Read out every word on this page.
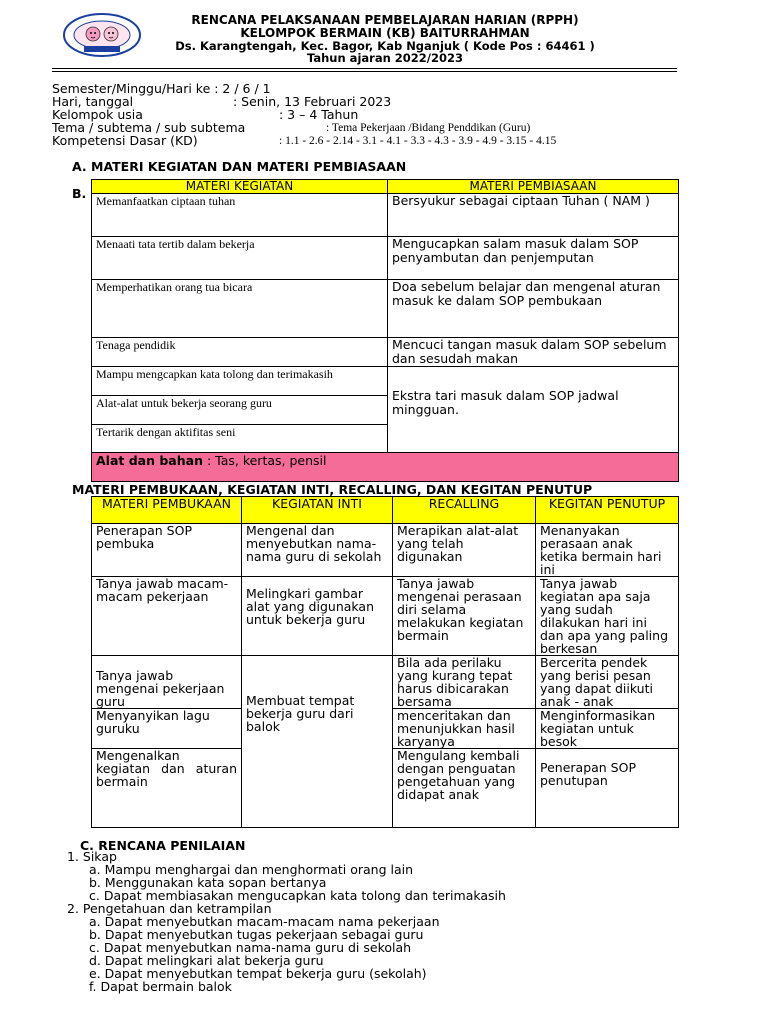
RENCANA PELAKSANAAN PEMBELAJARAN HARIAN (RPPH)
KELOMPOK BERMAIN (KB) BAITURRAHMAN
Ds. Karangtengah, Kec. Bagor, Kab Nganjuk ( Kode Pos : 64461 )
Tahun ajaran 2022/2023
Semester/Minggu/Hari ke : 2 / 6 / 1
Hari, tanggal	: Senin, 13 Februari 2023
Kelompok usia	: 3 – 4 Tahun
Tema / subtema / sub subtema	: Tema Pekerjaan /Bidang Penddikan (Guru)
Kompetensi Dasar (KD)	: 1.1 - 2.6 - 2.14 - 3.1 - 4.1 - 3.3 - 4.3 - 3.9 - 4.9 - 3.15 - 4.15
A. MATERI KEGIATAN DAN MATERI PEMBIASAAN
B.	MATERI KEGIATAN	MATERI PEMBIASAAN
Memanfaatkan ciptaan tuhan	Bersyukur sebagai ciptaan Tuhan ( NAM )
Menaati tata tertib dalam bekerja	Mengucapkan salam masuk dalam SOP penyambutan dan penjemputan
Memperhatikan orang tua bicara	Doa sebelum belajar dan mengenal aturan masuk ke dalam SOP pembukaan
Tenaga pendidik	Mencuci tangan masuk dalam SOP sebelum dan sesudah makan
Mampu mengcapkan kata tolong dan terimakasih	Ekstra tari masuk dalam SOP jadwal mingguan.
Alat-alat untuk bekerja seorang guru	
Tertarik dengan aktifitas seni	
Alat dan bahan : Tas, kertas, pensil	
MATERI PEMBUKAAN, KEGIATAN INTI, RECALLING, DAN KEGITAN PENUTUP
MATERI PEMBUKAAN	KEGIATAN INTI	RECALLING	KEGITAN PENUTUP
Penerapan SOP pembuka	Mengenal dan menyebutkan nama-nama guru di sekolah	Merapikan alat-alat yang telah digunakan	Menanyakan perasaan anak ketika bermain hari ini
Tanya jawab macam-macam pekerjaan	Melingkari gambar alat yang digunakan untuk bekerja guru	Tanya jawab mengenai perasaan diri selama melakukan kegiatan bermain	Tanya jawab kegiatan apa saja yang sudah dilakukan hari ini dan apa yang paling berkesan
Tanya jawab mengenai pekerjaan guru	Membuat tempat bekerja guru dari balok	Bila ada perilaku yang kurang tepat harus dibicarakan bersama	Bercerita pendek yang berisi pesan yang dapat diikuti anak - anak
Menyanyikan lagu guruku		menceritakan dan menunjukkan hasil karyanya	Menginformasikan kegiatan untuk besok
Mengenalkan kegiatan dan aturan bermain		Mengulang kembali dengan penguatan pengetahuan yang didapat anak	Penerapan SOP penutupan
C. RENCANA PENILAIAN
1. Sikap
a. Mampu menghargai dan menghormati orang lain
b. Menggunakan kata sopan bertanya
c. Dapat membiasakan mengucapkan kata tolong dan terimakasih
2. Pengetahuan dan ketrampilan
a. Dapat menyebutkan macam-macam nama pekerjaan
b. Dapat menyebutkan tugas pekerjaan sebagai guru
c. Dapat menyebutkan nama-nama guru di sekolah
d. Dapat melingkari alat bekerja guru
e. Dapat menyebutkan tempat bekerja guru (sekolah)
f. Dapat bermain balok
